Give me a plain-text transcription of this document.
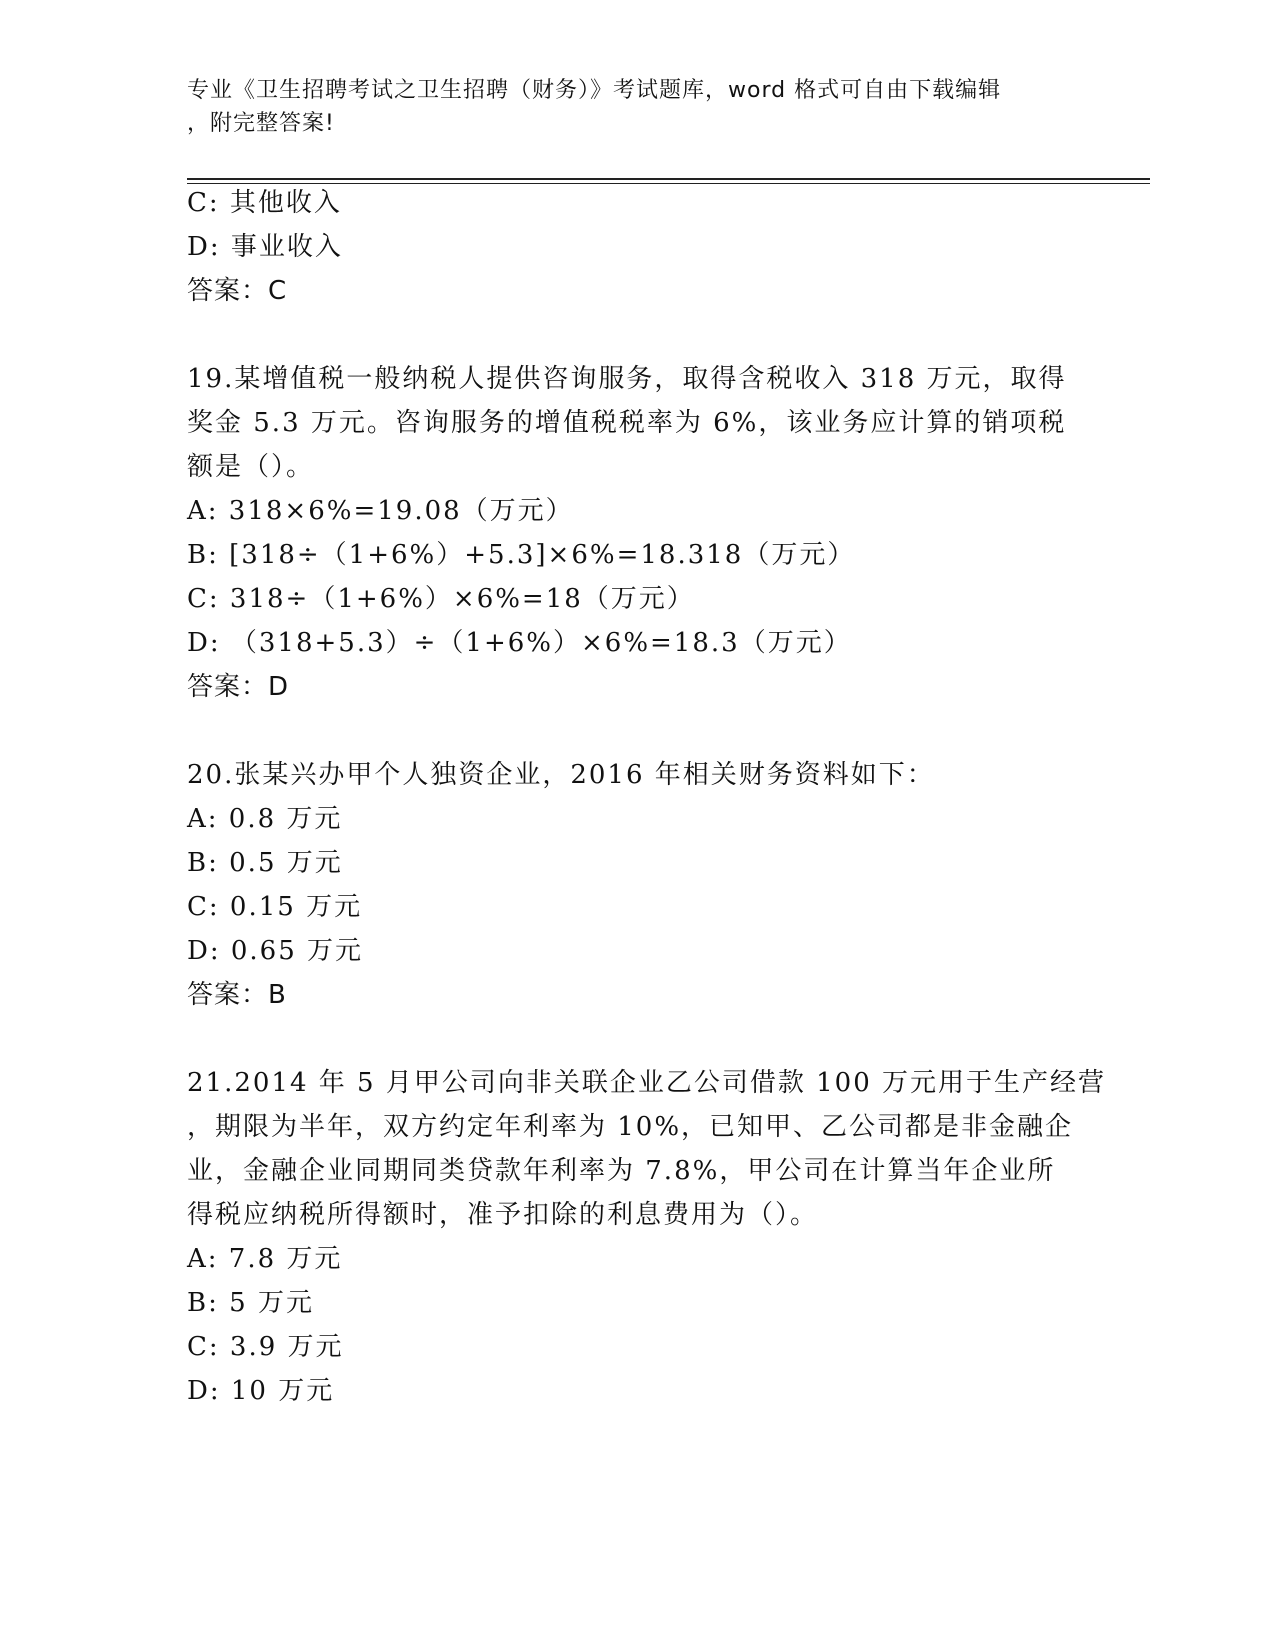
专业《卫生招聘考试之卫生招聘（财务）》考试题库，word 格式可自由下载编辑
，附完整答案!
C: 其他收入
D: 事业收入
答案：C
19.某增值税一般纳税人提供咨询服务，取得含税收入 318 万元，取得
奖金 5.3 万元。咨询服务的增值税税率为 6%，该业务应计算的销项税
额是（）。
A: 318×6%=19.08（万元）
B: [318÷（1+6%）+5.3]×6%=18.318（万元）
C: 318÷（1+6%）×6%=18（万元）
D: （318+5.3）÷（1+6%）×6%=18.3（万元）
答案：D
20.张某兴办甲个人独资企业，2016 年相关财务资料如下：
A: 0.8 万元
B: 0.5 万元
C: 0.15 万元
D: 0.65 万元
答案：B
21.2014 年 5 月甲公司向非关联企业乙公司借款 100 万元用于生产经营
，期限为半年，双方约定年利率为 10%，已知甲、乙公司都是非金融企
业，金融企业同期同类贷款年利率为 7.8%，甲公司在计算当年企业所
得税应纳税所得额时，准予扣除的利息费用为（）。
A: 7.8 万元
B: 5 万元
C: 3.9 万元
D: 10 万元
